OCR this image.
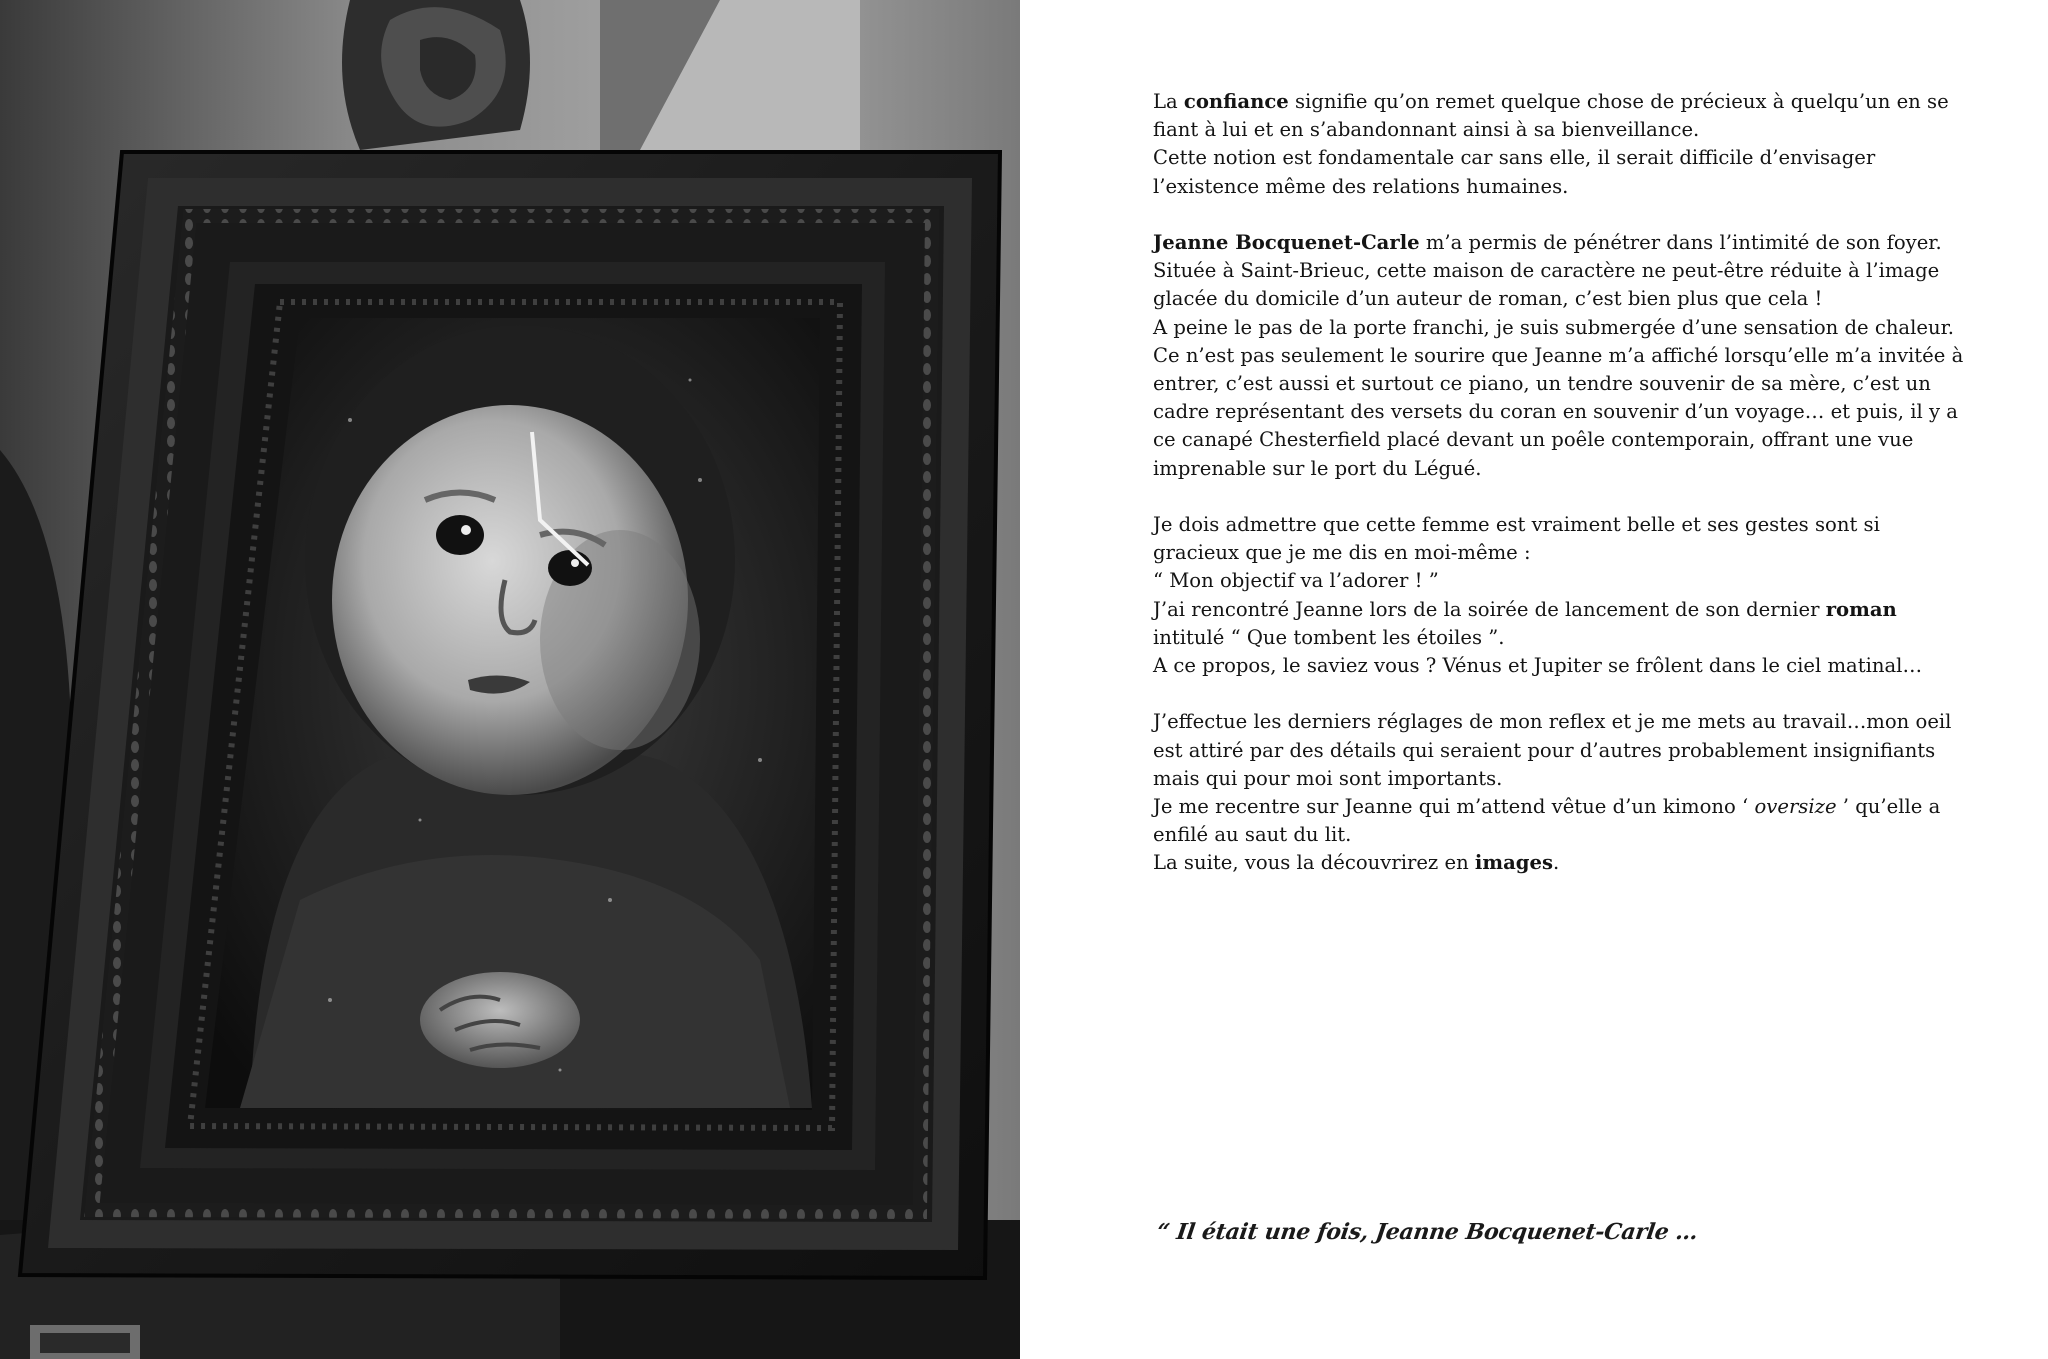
La confiance signifie qu’on remet quelque chose de précieux à quelqu’un en se
fiant à lui et en s’abandonnant ainsi à sa bienveillance.
Cette notion est fondamentale car sans elle, il serait difficile d’envisager
l’existence même des relations humaines.

Jeanne Bocquenet-Carle m’a permis de pénétrer dans l’intimité de son foyer.
Située à Saint-Brieuc, cette maison de caractère ne peut-être réduite à l’image
glacée du domicile d’un auteur de roman, c’est bien plus que cela !
A peine le pas de la porte franchi, je suis submergée d’une sensation de chaleur.
Ce n’est pas seulement le sourire que Jeanne m’a affiché lorsqu’elle m’a invitée à
entrer, c’est aussi et surtout ce piano, un tendre souvenir de sa mère, c’est un
cadre représentant des versets du coran en souvenir d’un voyage… et puis, il y a
ce canapé Chesterfield placé devant un poêle contemporain, offrant une vue
imprenable sur le port du Légué.

Je dois admettre que cette femme est vraiment belle et ses gestes sont si
gracieux que je me dis en moi-même :
“ Mon objectif va l’adorer ! ”
J’ai rencontré Jeanne lors de la soirée de lancement de son dernier roman
intitulé “ Que tombent les étoiles ”.
A ce propos, le saviez vous ? Vénus et Jupiter se frôlent dans le ciel matinal…

J’effectue les derniers réglages de mon reflex et je me mets au travail…mon oeil
est attiré par des détails qui seraient pour d’autres probablement insignifiants
mais qui pour moi sont importants.
Je me recentre sur Jeanne qui m’attend vêtue d’un kimono ‘ oversize ’ qu’elle a
enfilé au saut du lit.
La suite, vous la découvrirez en images.

“ Il était une fois, Jeanne Bocquenet-Carle …
